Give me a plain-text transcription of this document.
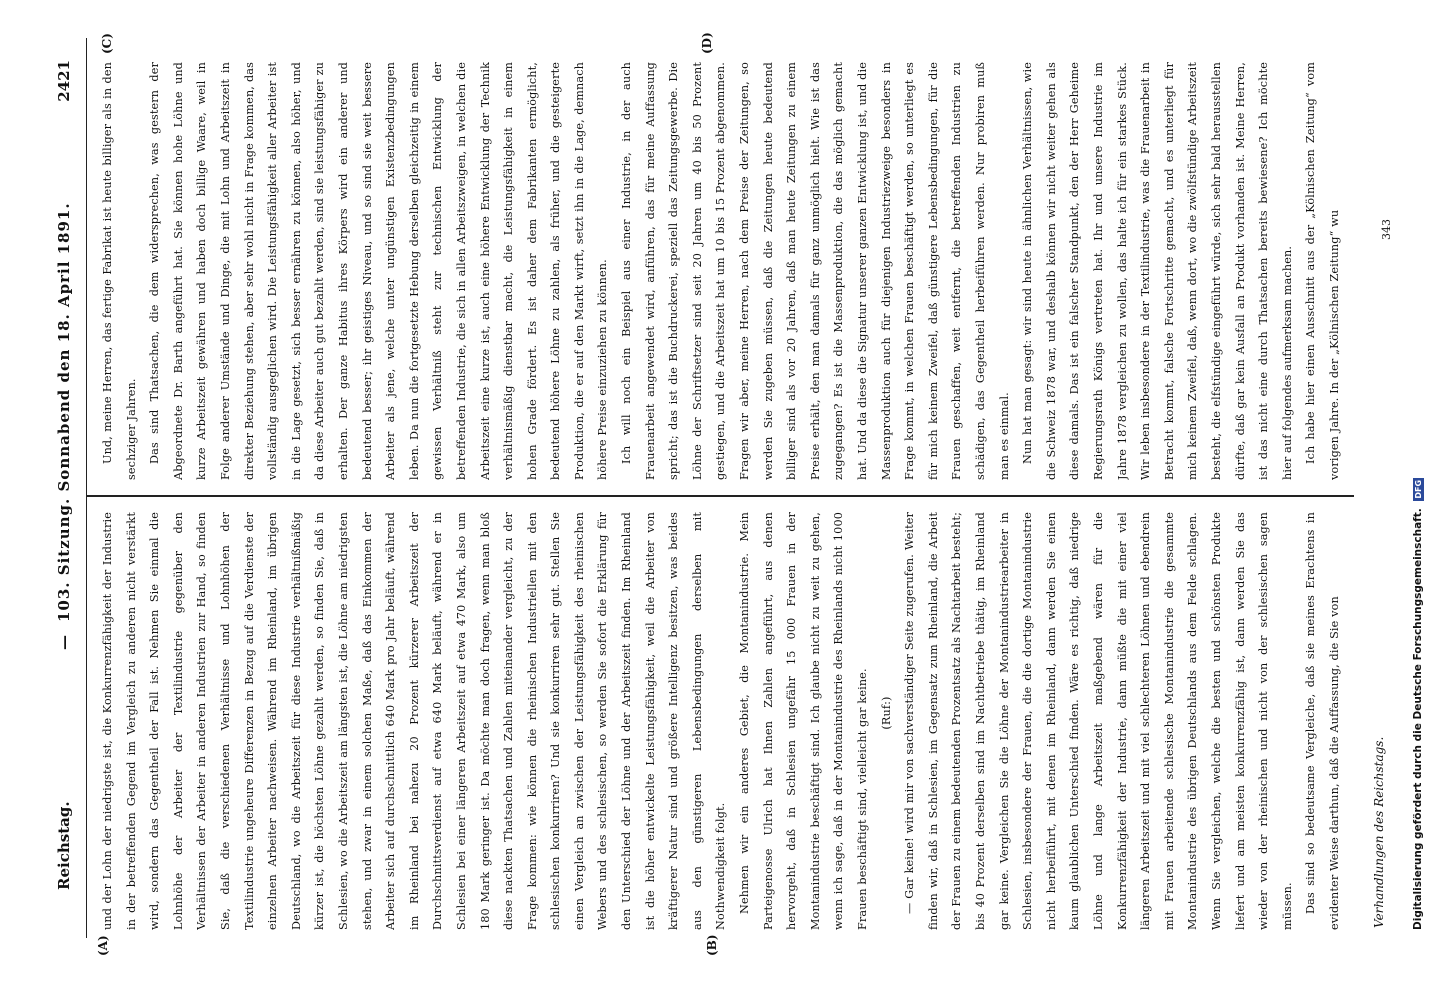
Reichstag.
—
103. Sitzung. Sonnabend den 18. April 1891.
2421
(A)	(B)
(C)	(D)

und der Lohn der niedrigste ist, die Konkurrenzfähigkeit der Industrie in der betreffenden Gegend im Vergleich zu anderen nicht verstärkt wird, sondern das Gegentheil der Fall ist. Nehmen Sie einmal die Lohnhöhe der Arbeiter der Textilindustrie gegenüber den Verhältnissen der Arbeiter in anderen Industrien zur Hand, so finden Sie, daß die verschiedenen Verhältnisse und Lohnhöhen der Textilindustrie ungeheure Differenzen in Bezug auf die Verdienste der einzelnen Arbeiter nachweisen. Während im Rheinland, im übrigen Deutschland, wo die Arbeitszeit für diese Industrie verhältnißmäßig kürzer ist, die höchsten Löhne gezahlt werden, so finden Sie, daß in Schlesien, wo die Arbeitszeit am längsten ist, die Löhne am niedrigsten stehen, und zwar in einem solchen Maße, daß das Einkommen der Arbeiter sich auf durchschnittlich 640 Mark pro Jahr beläuft, während im Rheinland bei nahezu 20 Prozent kürzerer Arbeitszeit der Durchschnittsverdienst auf etwa 640 Mark beläuft, während er in Schlesien bei einer längeren Arbeitszeit auf etwa 470 Mark, also um 180 Mark geringer ist. Da möchte man doch fragen, wenn man bloß diese nackten Thatsachen und Zahlen miteinander vergleicht, zu der Frage kommen: wie können die rheinischen Industriellen mit den schlesischen konkurriren? Und sie konkurriren sehr gut. Stellen Sie einen Vergleich an zwischen der Leistungsfähigkeit des rheinischen Webers und des schlesischen, so werden Sie sofort die Erklärung für den Unterschied der Löhne und der Arbeitszeit finden. Im Rheinland ist die höher entwickelte Leistungsfähigkeit, weil die Arbeiter von kräftigerer Natur sind und größere Intelligenz besitzen, was beides aus den günstigeren Lebensbedingungen derselben mit Nothwendigkeit folgt. Nehmen wir ein anderes Gebiet, die Montanindustrie. Mein Parteigenosse Ulrich hat Ihnen Zahlen angeführt, aus denen hervorgeht, daß in Schlesien ungefähr 15 000 Frauen in der Montanindustrie beschäftigt sind. Ich glaube nicht zu weit zu gehen, wenn ich sage, daß in der Montanindustrie des Rheinlands nicht 1000 Frauen beschäftigt sind, vielleicht gar keine. (Ruf:) — Gar keine! wird mir von sachverständiger Seite zugerufen. Weiter finden wir, daß in Schlesien, im Gegensatz zum Rheinland, die Arbeit der Frauen zu einem bedeutenden Prozentsatz als Nachtarbeit besteht; bis 40 Prozent derselben sind im Nachtbetriebe thätig, im Rheinland gar keine. Vergleichen Sie die Löhne der Montanindustriearbeiter in Schlesien, insbesondere der Frauen, die die dortige Montanindustrie nicht herbeiführt, mit denen im Rheinland, dann werden Sie einen kaum glaublichen Unterschied finden. Wäre es richtig, daß niedrige Löhne und lange Arbeitszeit maßgebend wären für die Konkurrenzfähigkeit der Industrie, dann müßte die mit einer viel längeren Arbeitszeit und mit viel schlechteren Löhnen und ebendrein mit Frauen arbeitende schlesische Montanindustrie die gesammte Montanindustrie des übrigen Deutschlands aus dem Felde schlagen. Wenn Sie vergleichen, welche die besten und schönsten Produkte liefert und am meisten konkurrenzfähig ist, dann werden Sie das wieder von der rheinischen und nicht von der schlesischen sagen müssen. Das sind so bedeutsame Vergleiche, daß sie meines Erachtens in evidenter Weise darthun, daß die Auffassung, die Sie von

Und, meine Herren, das fertige Fabrikat ist heute billiger als in den sechziger Jahren. Das sind Thatsachen, die dem widersprechen, was gestern der Abgeordnete Dr. Barth angeführt hat. Sie können hohe Löhne und kurze Arbeitszeit gewähren und haben doch billige Waare, weil in Folge anderer Umstände und Dinge, die mit Lohn und Arbeitszeit in direkter Beziehung stehen, aber sehr wohl nicht in Frage kommen, das vollständig ausgeglichen wird. Die Leistungsfähigkeit aller Arbeiter ist in die Lage gesetzt, sich besser ernähren zu können, also höher, und da diese Arbeiter auch gut bezahlt werden, sind sie leistungsfähiger zu erhalten. Der ganze Habitus ihres Körpers wird ein anderer und bedeutend besser; ihr geistiges Niveau, und so sind sie weit bessere Arbeiter als jene, welche unter ungünstigen Existenzbedingungen leben. Da nun die fortgesetzte Hebung derselben gleichzeitig in einem gewissen Verhältniß steht zur technischen Entwicklung der betreffenden Industrie, die sich in allen Arbeitszweigen, in welchen die Arbeitszeit eine kurze ist, auch eine höhere Entwicklung der Technik verhältnismäßig dienstbar macht, die Leistungsfähigkeit in einem hohen Grade fördert. Es ist daher dem Fabrikanten ermöglicht, bedeutend höhere Löhne zu zahlen, als früher, und die gesteigerte Produktion, die er auf den Markt wirft, setzt ihn in die Lage, demnach höhere Preise einzuziehen zu können. Ich will noch ein Beispiel aus einer Industrie, in der auch Frauenarbeit angewendet wird, anführen, das für meine Auffassung spricht; das ist die Buchdruckerei, speziell das Zeitungsgewerbe. Die Löhne der Schriftsetzer sind seit 20 Jahren um 40 bis 50 Prozent gestiegen, und die Arbeitszeit hat um 10 bis 15 Prozent abgenommen. Fragen wir aber, meine Herren, nach dem Preise der Zeitungen, so werden Sie zugeben müssen, daß die Zeitungen heute bedeutend billiger sind als vor 20 Jahren, daß man heute Zeitungen zu einem Preise erhält, den man damals für ganz unmöglich hielt. Wie ist das zugegangen? Es ist die Massenproduktion, die das möglich gemacht hat. Und da diese die Signatur unserer ganzen Entwicklung ist, und die Massenproduktion auch für diejenigen Industriezweige besonders in Frage kommt, in welchen Frauen beschäftigt werden, so unterliegt es für mich keinem Zweifel, daß günstigere Lebensbedingungen, für die Frauen geschaffen, weit entfernt, die betreffenden Industrien zu schädigen, das Gegentheil herbeiführen werden. Nur probiren muß man es einmal. Nun hat man gesagt: wir sind heute in ähnlichen Verhältnissen, wie die Schweiz 1878 war, und deshalb können wir nicht weiter gehen als diese damals. Das ist ein falscher Standpunkt, den der Herr Geheime Regierungsrath Königs vertreten hat. Ihr und unsere Industrie im Jahre 1878 vergleichen zu wollen, das halte ich für ein starkes Stück. Wir leben insbesondere in der Textilindustrie, was die Frauenarbeit in Betracht kommt, falsche Fortschritte gemacht, und es unterliegt für mich keinem Zweifel, daß, wenn dort, wo die zwölfstündige Arbeitszeit besteht, die elfstündige eingeführt würde, sich sehr bald herausstellen dürfte, daß gar kein Ausfall an Produkt vorhanden ist. Meine Herren, ist das nicht eine durch Thatsachen bereits bewiesene? Ich möchte hier auf folgendes aufmerksam machen. Ich habe hier einen Ausschnitt aus der „Kölnischen Zeitung“ vom vorigen Jahre. In der „Kölnischen Zeitung“ wu

Verhandlungen des Reichstags.
343
Digitalisierung gefördert durch die Deutsche Forschungsgemeinschaft. DFG
